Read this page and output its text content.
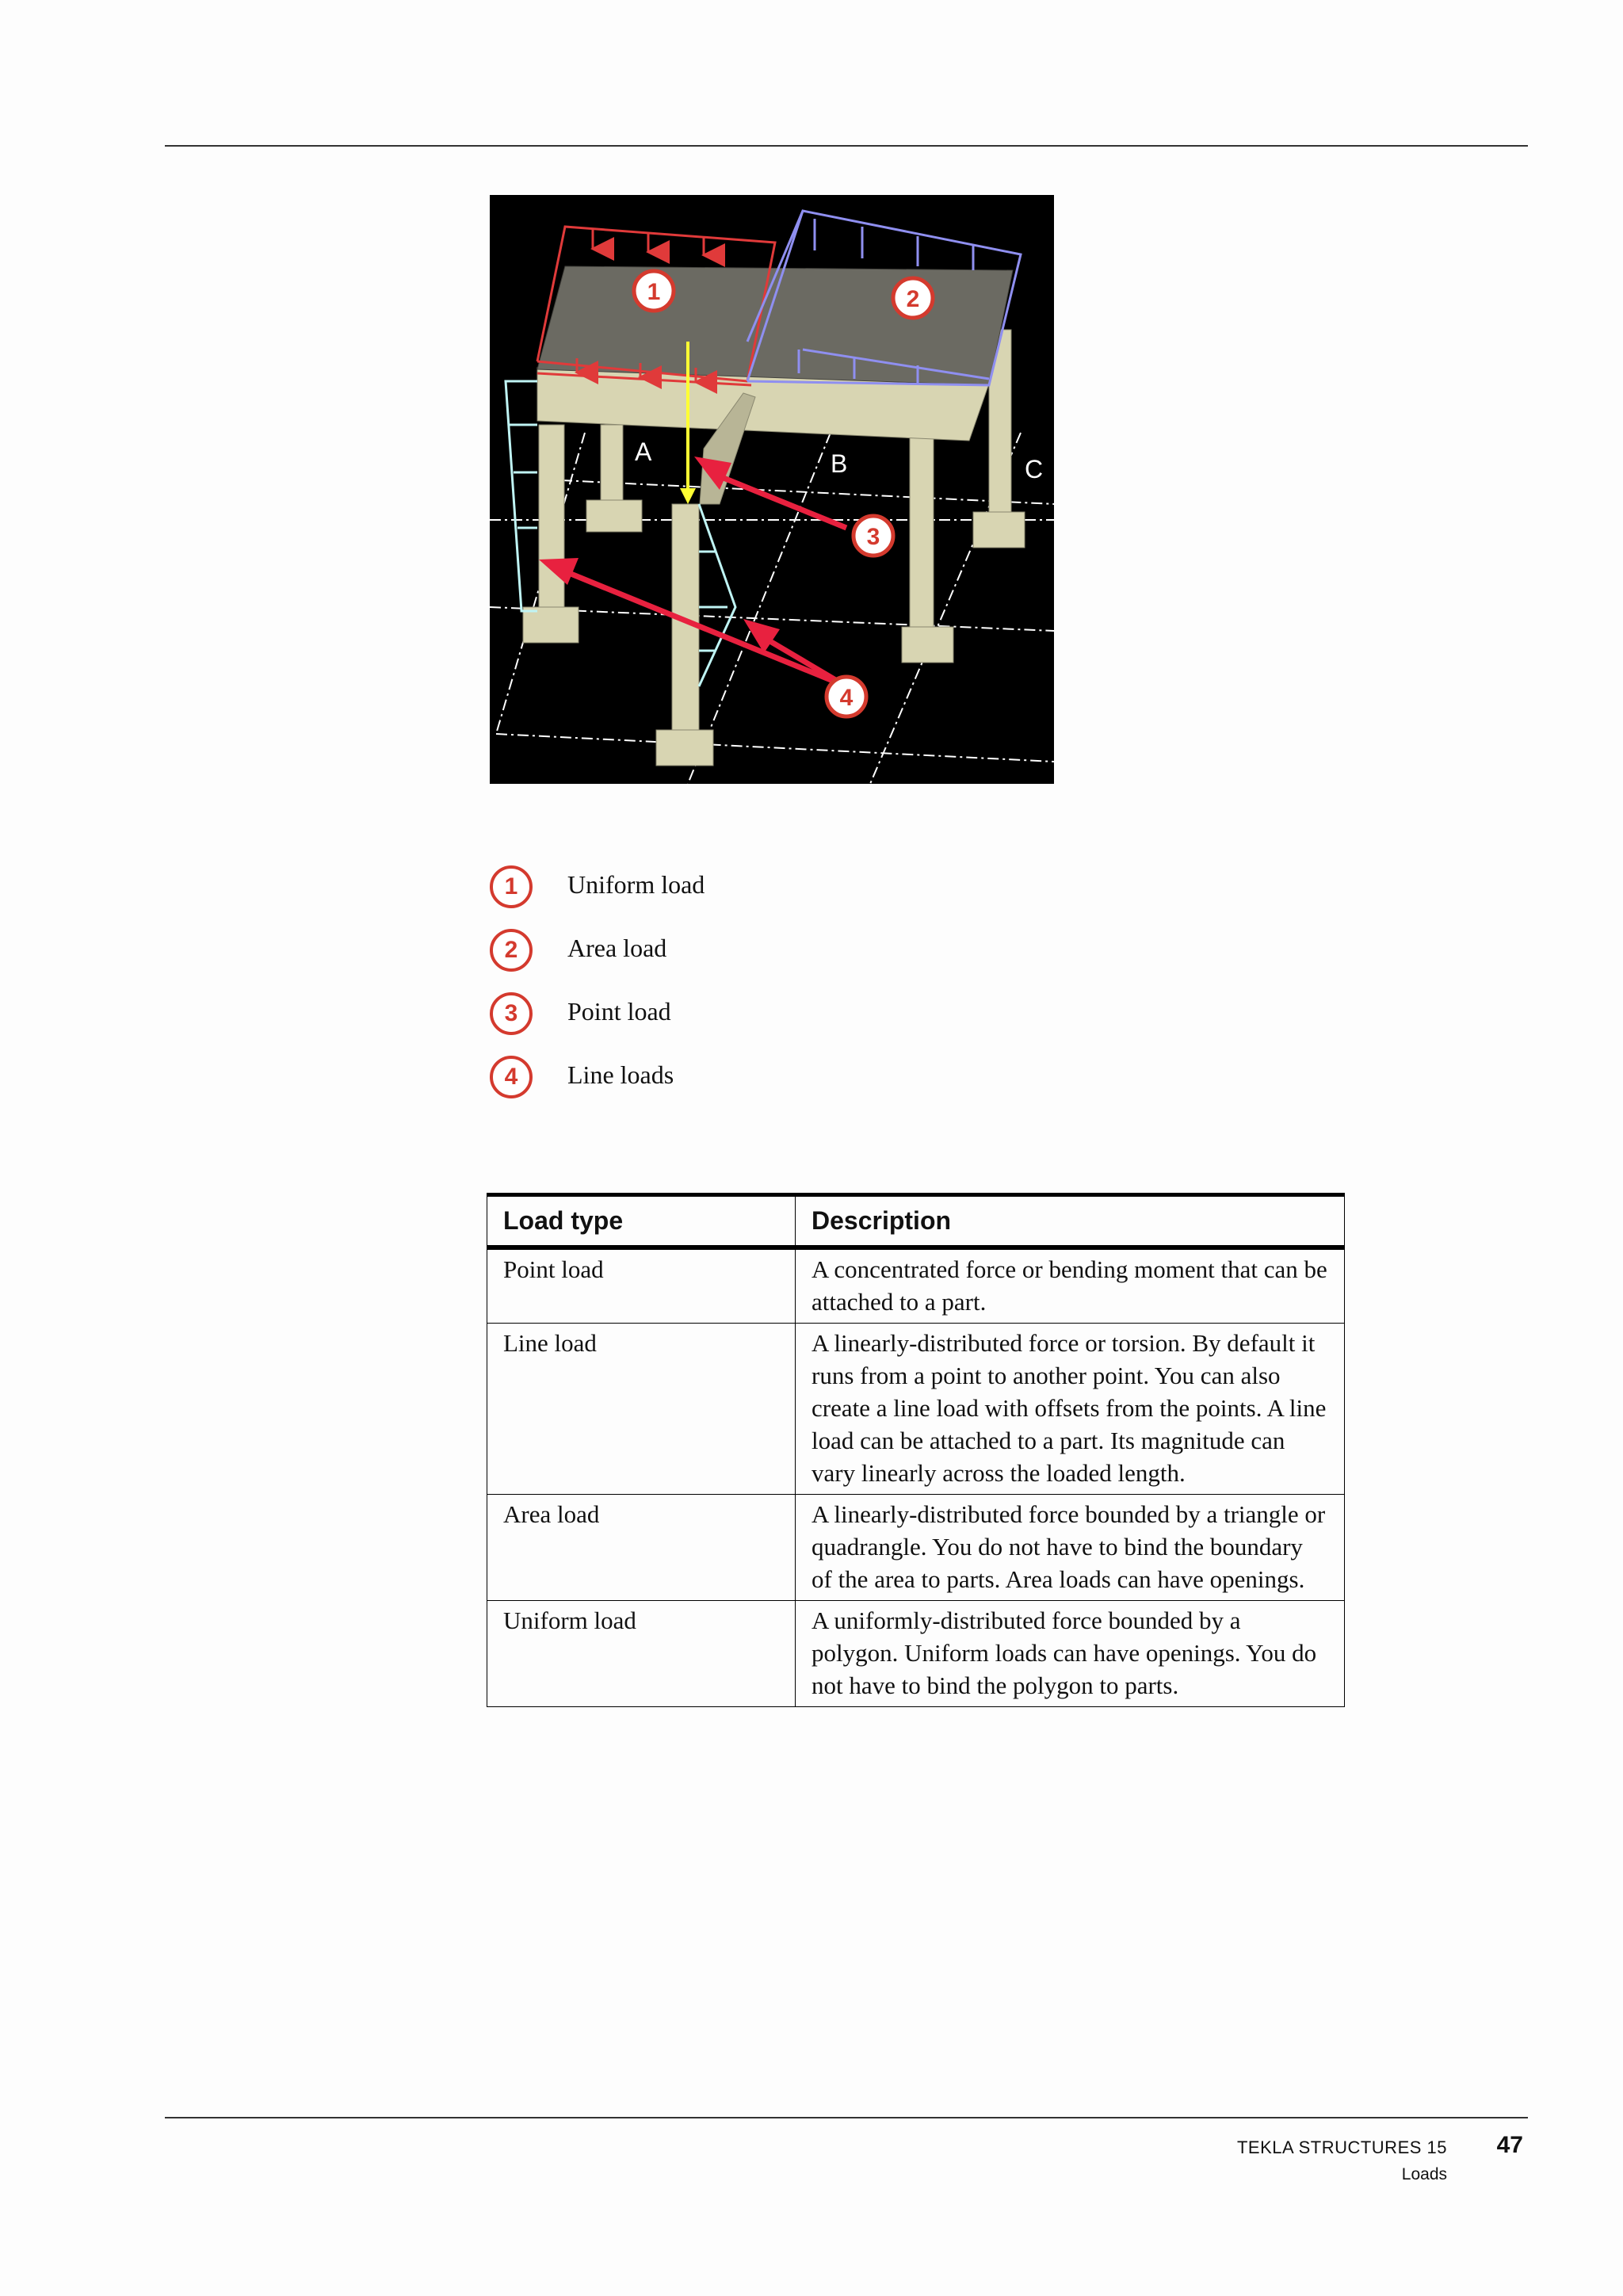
A	B	C
1	2
3
4
1	Uniform load
2	Area load
3	Point load
4	Line loads
Load type	Description
Point load	A concentrated force or bending moment that can be attached to a part.
Line load	A linearly-distributed force or torsion. By default it runs from a point to another point. You can also create a line load with offsets from the points. A line load can be attached to a part. Its magnitude can vary linearly across the loaded length.
Area load	A linearly-distributed force bounded by a triangle or quadrangle. You do not have to bind the boundary of the area to parts. Area loads can have openings.
Uniform load	A uniformly-distributed force bounded by a polygon. Uniform loads can have openings. You do not have to bind the polygon to parts.
TEKLA STRUCTURES 15
Loads
47
